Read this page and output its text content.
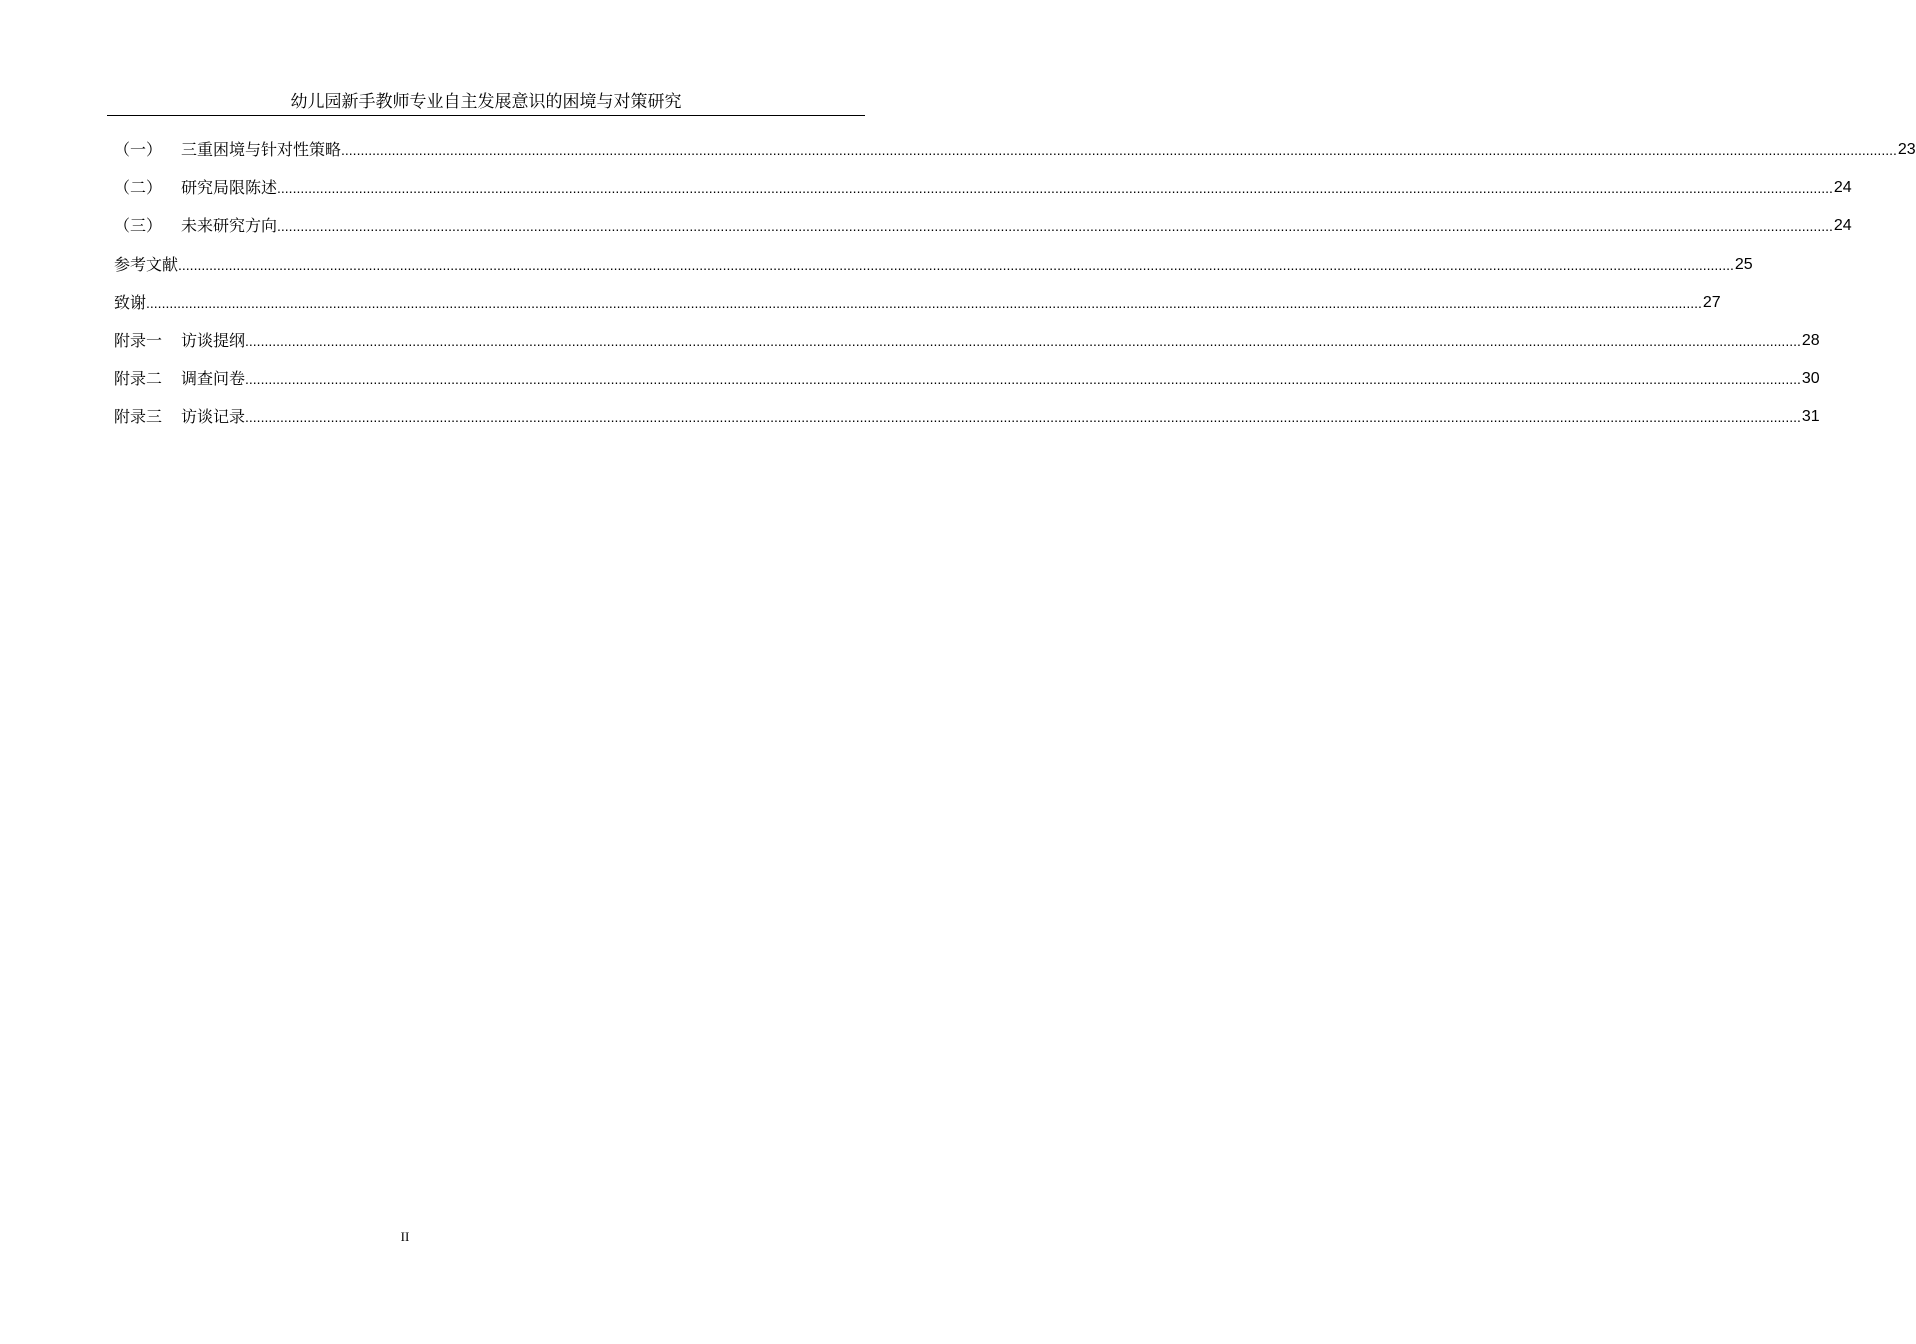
幼儿园新手教师专业自主发展意识的困境与对策研究
（一）	三重困境与针对性策略 ................................................................................................................................................................................................................................................................................................................................................................................................................ 23
（二）	研究局限陈述 ................................................................................................................................................................................................................................................................................................................................................................................................................ 24
（三）	未来研究方向 ................................................................................................................................................................................................................................................................................................................................................................................................................ 24
参考文献 ................................................................................................................................................................................................................................................................................................................................................................................................................ 25
致谢 ................................................................................................................................................................................................................................................................................................................................................................................................................ 27
附录一	访谈提纲 ................................................................................................................................................................................................................................................................................................................................................................................................................ 28
附录二	调查问卷 ................................................................................................................................................................................................................................................................................................................................................................................................................ 30
附录三	访谈记录 ................................................................................................................................................................................................................................................................................................................................................................................................................ 31
II
